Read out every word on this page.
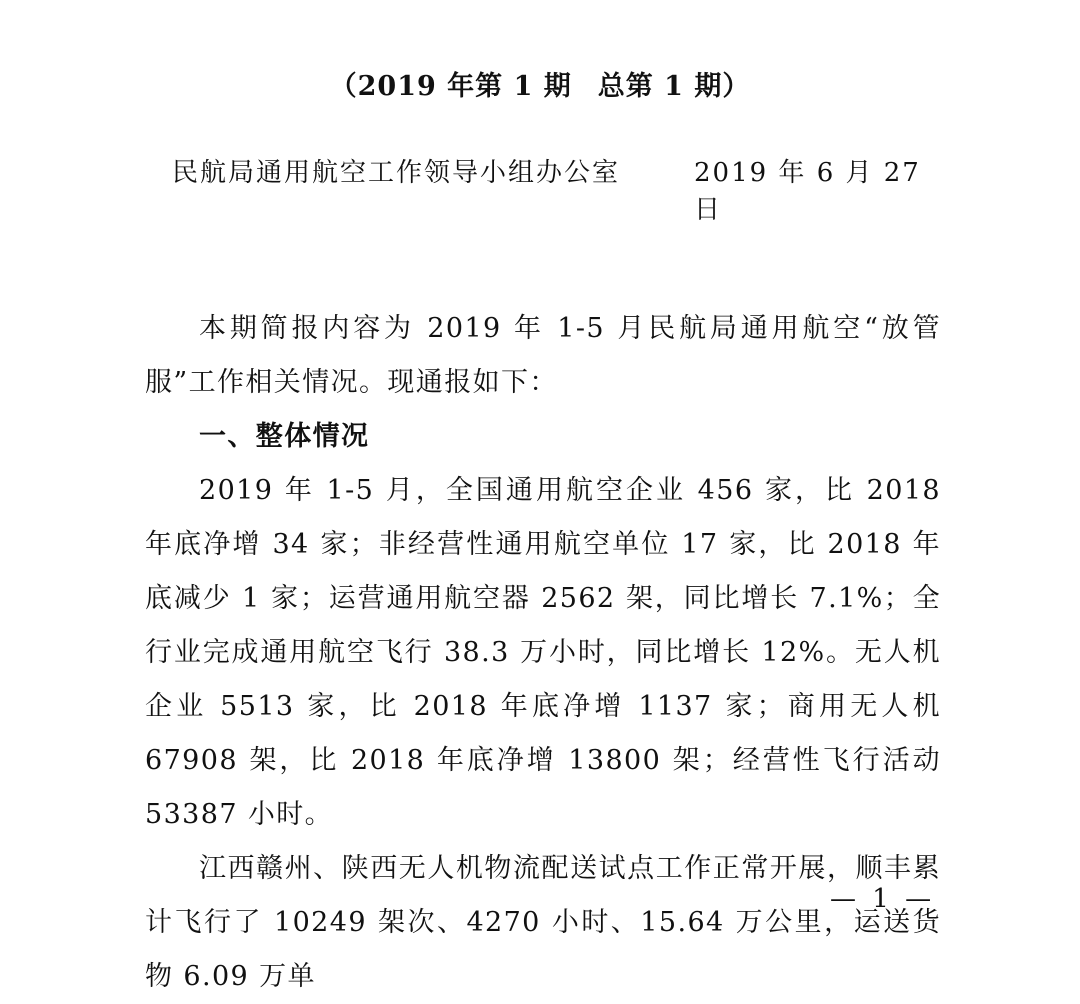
（2019 年第 1 期 总第 1 期）
民航局通用航空工作领导小组办公室	2019 年 6 月 27 日

本期简报内容为 2019 年 1-5 月民航局通用航空“放管服”工作相关情况。现通报如下：

一、整体情况

2019 年 1-5 月，全国通用航空企业 456 家，比 2018 年底净增 34 家；非经营性通用航空单位 17 家，比 2018 年底减少 1 家；运营通用航空器 2562 架，同比增长 7.1%；全行业完成通用航空飞行 38.3 万小时，同比增长 12%。无人机企业 5513 家，比 2018 年底净增 1137 家；商用无人机 67908 架，比 2018 年底净增 13800 架；经营性飞行活动 53387 小时。

江西赣州、陕西无人机物流配送试点工作正常开展，顺丰累计飞行了 10249 架次、4270 小时、15.64 万公里，运送货物 6.09 万单

— 1 —
